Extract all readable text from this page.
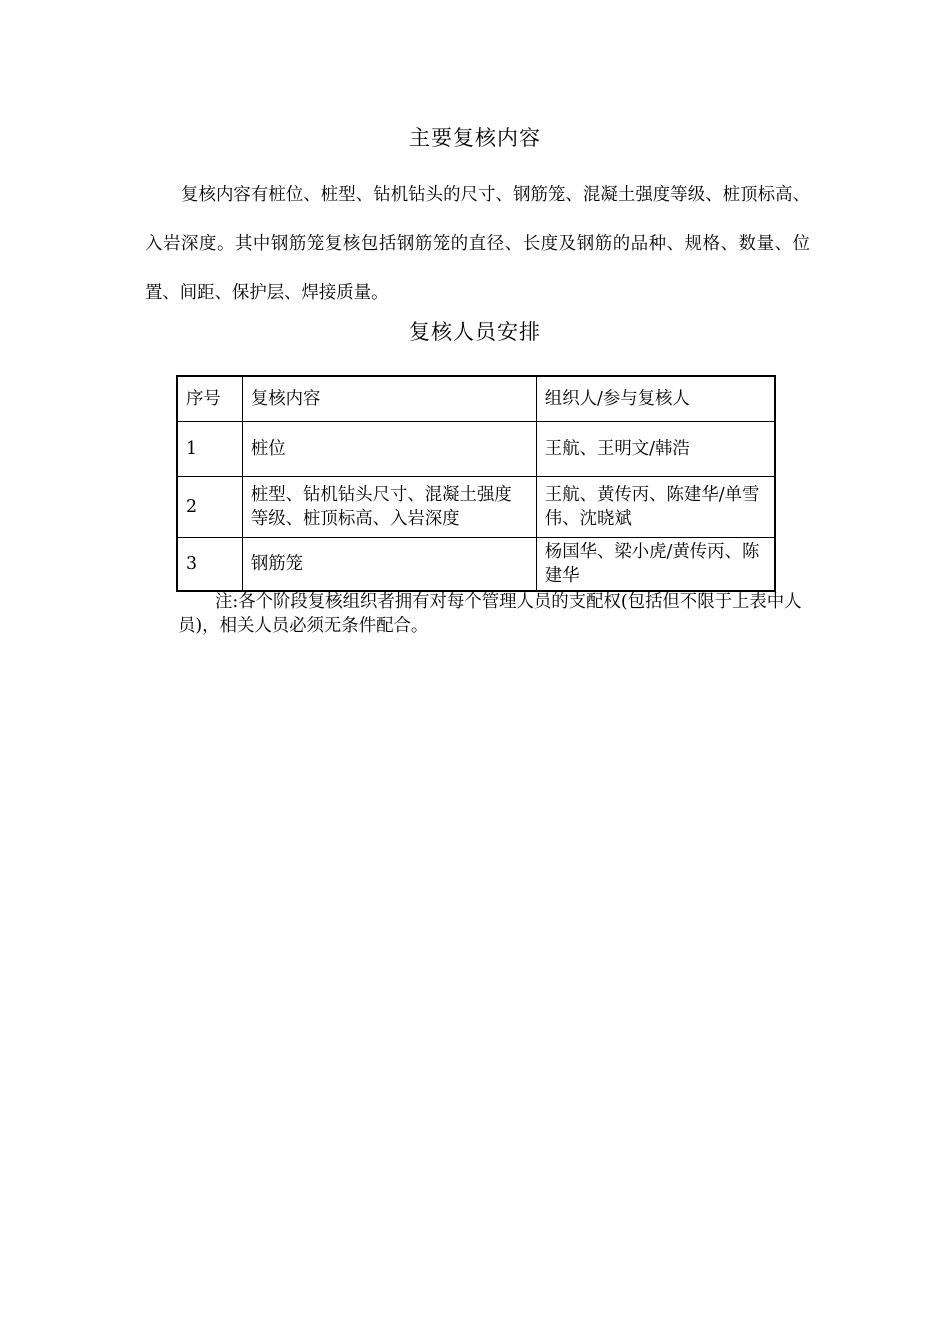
主要复核内容
复核内容有桩位、桩型、钻机钻头的尺寸、钢筋笼、混凝土强度等级、桩顶标高、入岩深度。其中钢筋笼复核包括钢筋笼的直径、长度及钢筋的品种、规格、数量、位置、间距、保护层、焊接质量。
复核人员安排
序号	复核内容	组织人/参与复核人
1	桩位	王航、王明文/韩浩
2	桩型、钻机钻头尺寸、混凝土强度等级、桩顶标高、入岩深度	王航、黄传丙、陈建华/单雪伟、沈晓斌
3	钢筋笼	杨国华、梁小虎/黄传丙、陈建华
注:各个阶段复核组织者拥有对每个管理人员的支配权(包括但不限于上表中人员)，相关人员必须无条件配合。
